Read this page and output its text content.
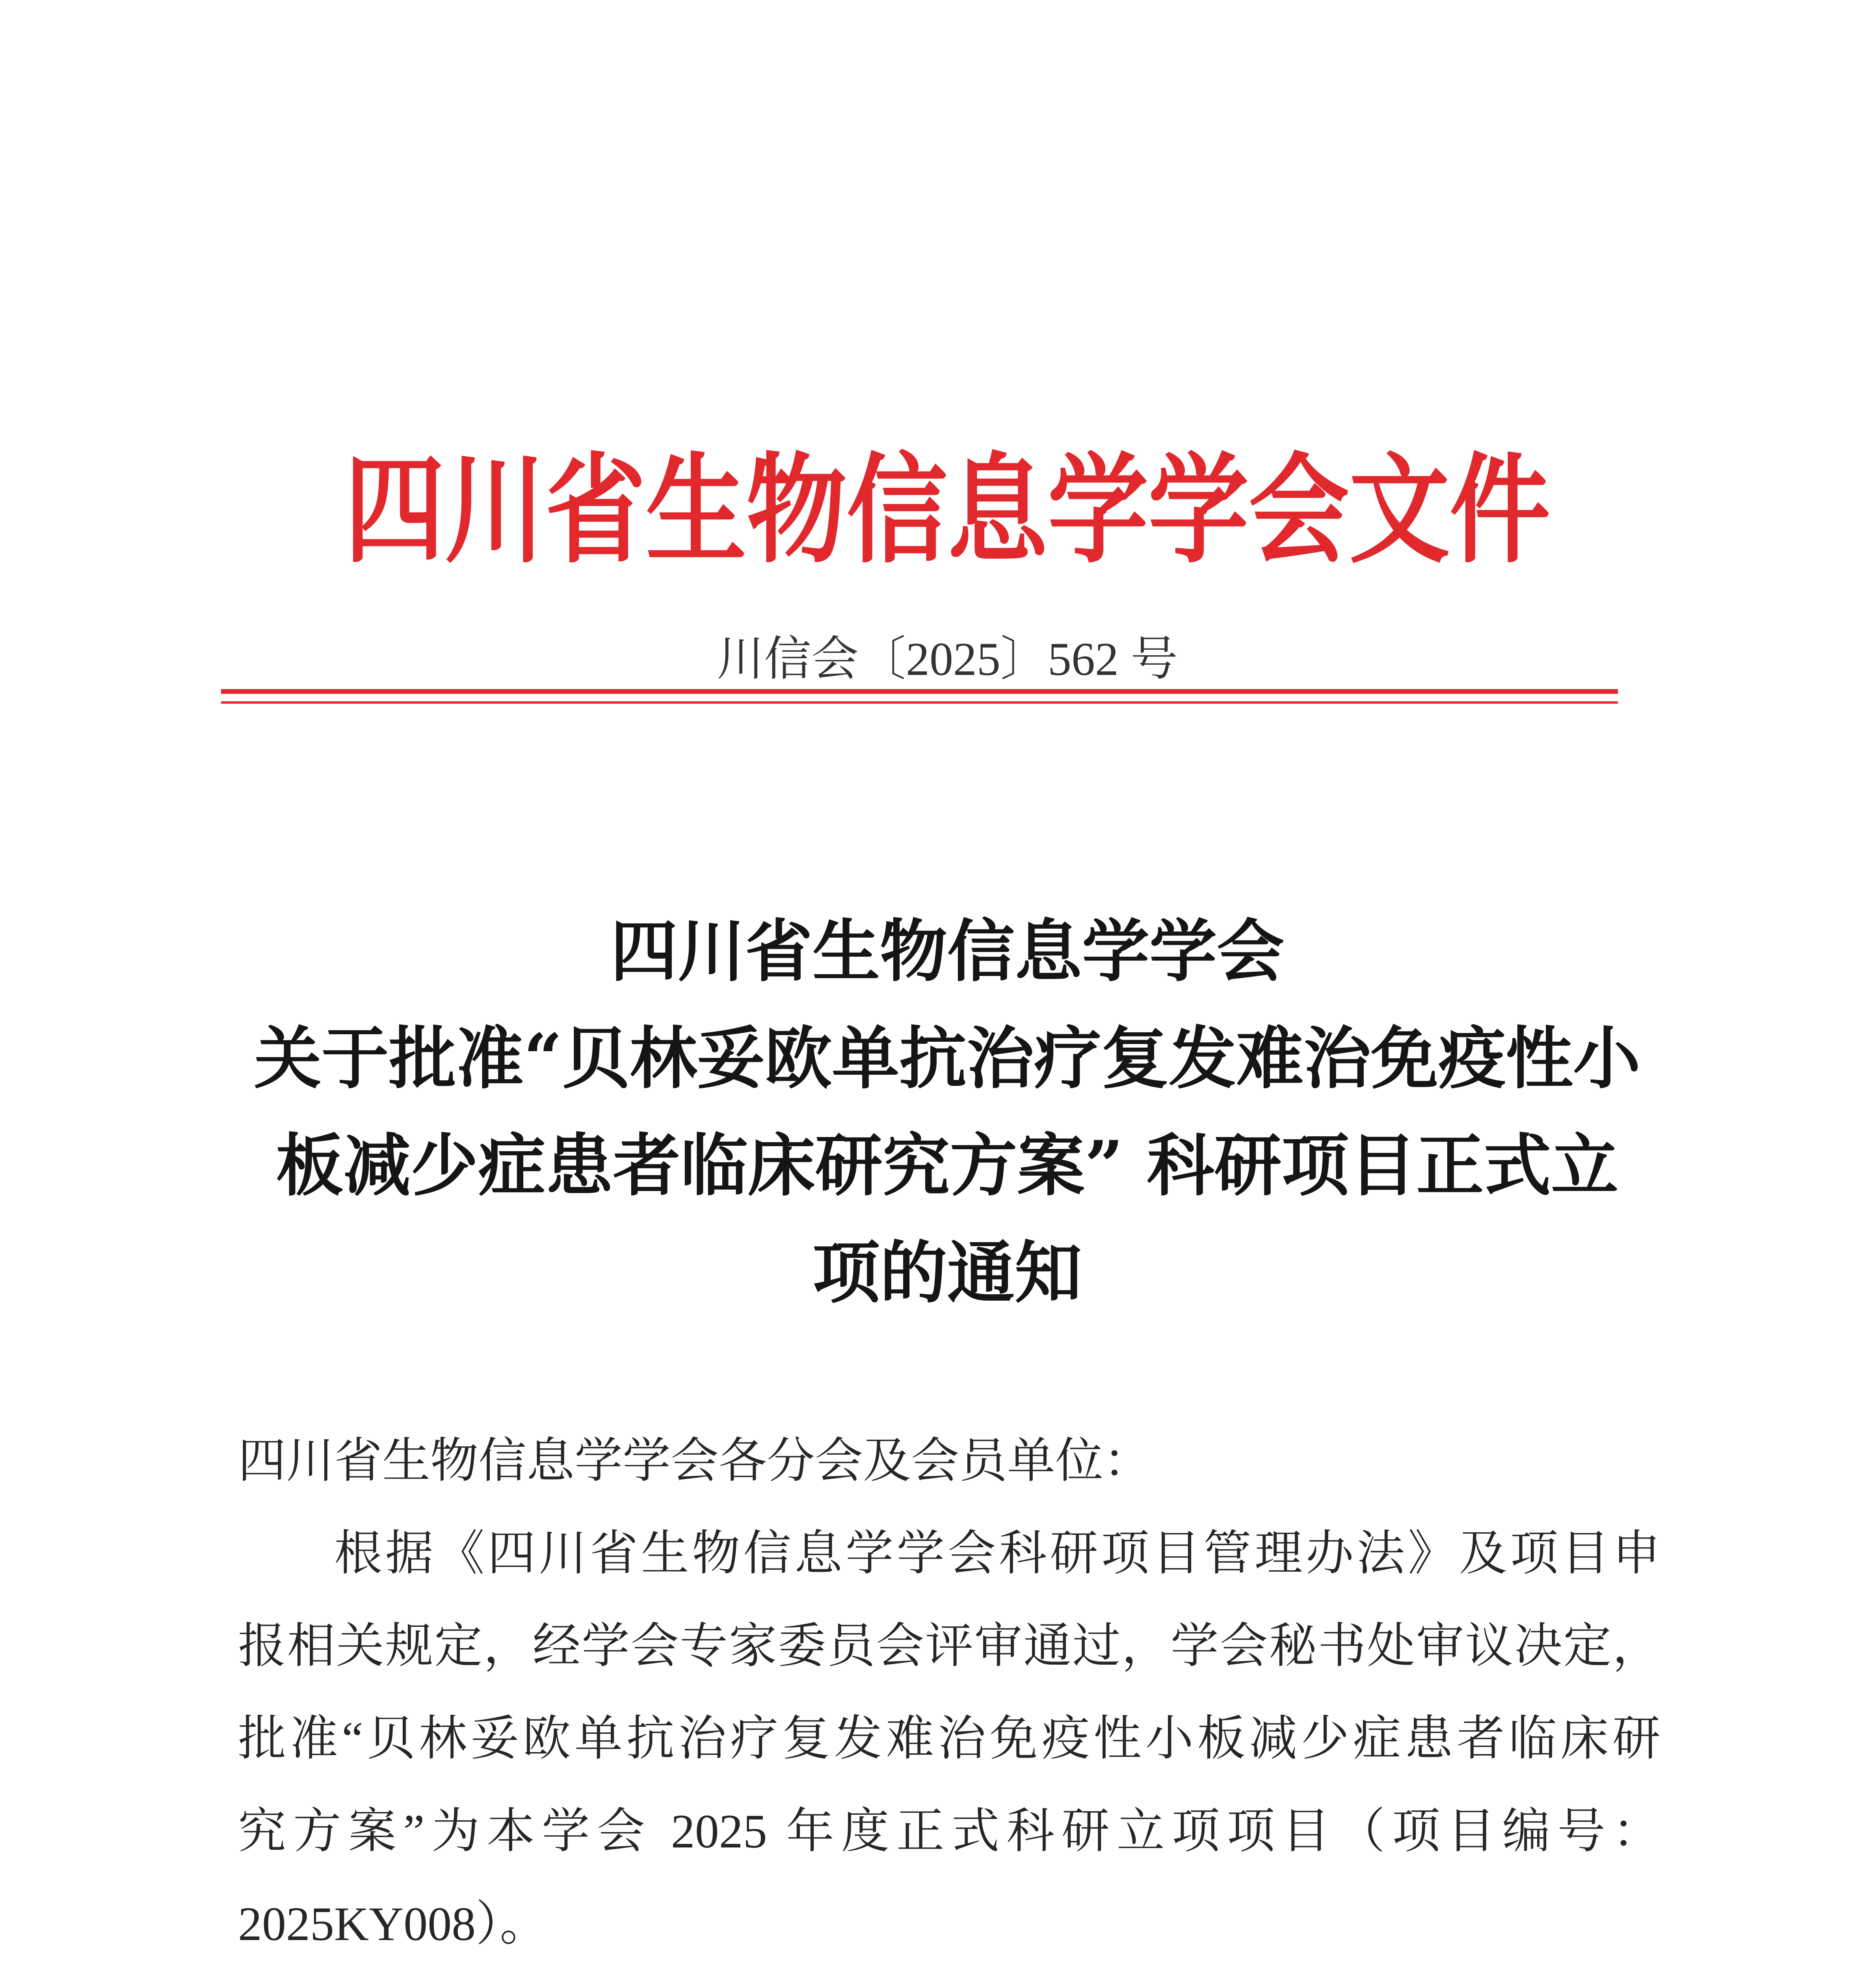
四川省生物信息学学会文件
川信会〔2025〕562 号
四川省生物信息学学会
关于批准“贝林妥欧单抗治疗复发难治免疫性小
板减少症患者临床研究方案” 科研项目正式立
项的通知
四川省生物信息学学会各分会及会员单位：
根据《四川省生物信息学学会科研项目管理办法》及项目申
报相关规定，经学会专家委员会评审通过，学会秘书处审议决定，
批准“贝林妥欧单抗治疗复发难治免疫性小板减少症患者临床研
究方案”为本学会 2025 年度正式科研立项项目（项目编号：
2025KY008）。
